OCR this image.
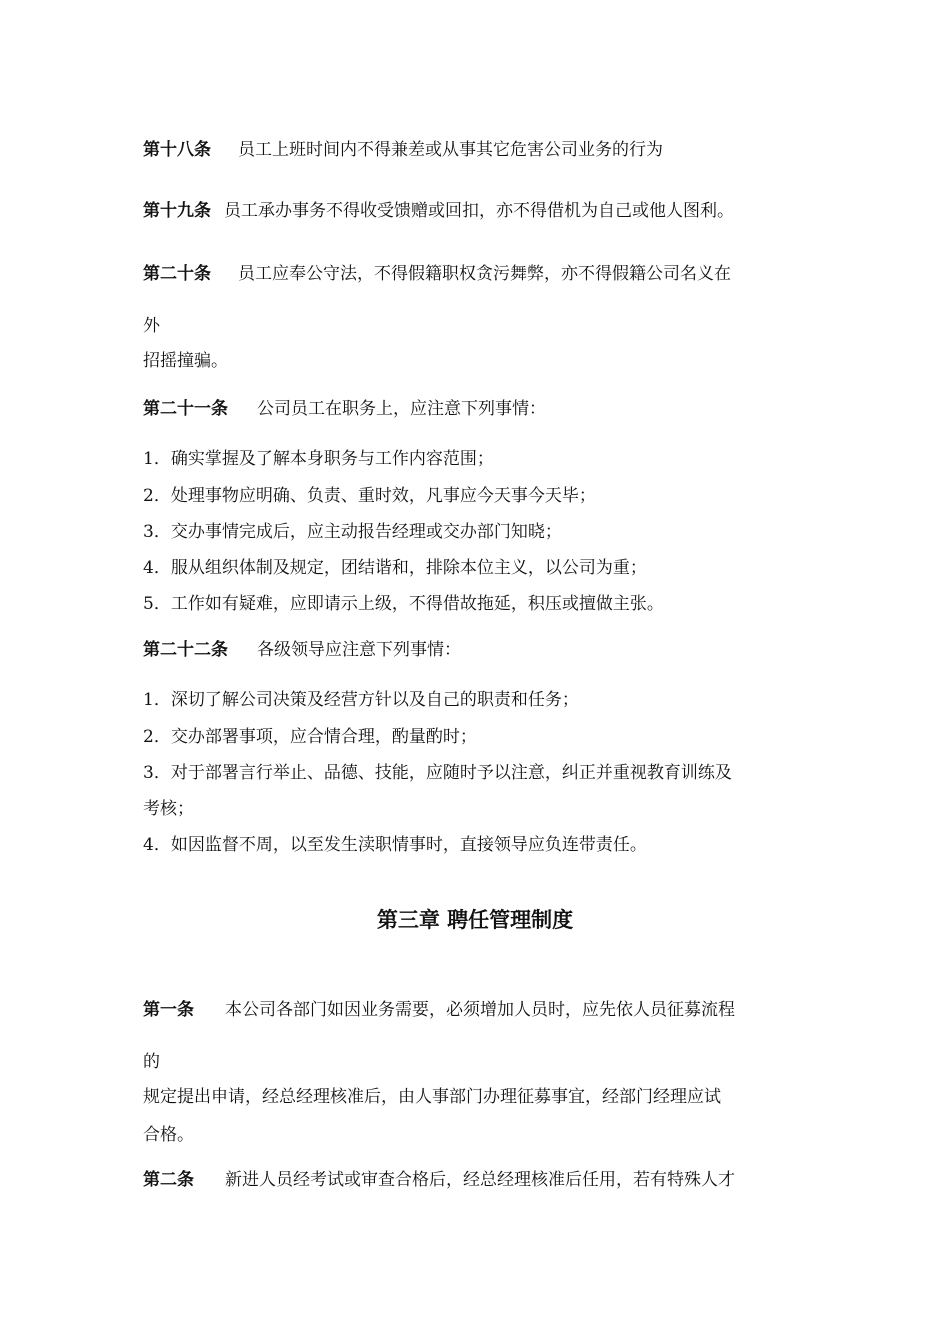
第十八条 员工上班时间内不得兼差或从事其它危害公司业务的行为

第十九条 员工承办事务不得收受馈赠或回扣，亦不得借机为自己或他人图利。

第二十条 员工应奉公守法，不得假籍职权贪污舞弊，亦不得假籍公司名义在

外

招摇撞骗。

第二十一条 公司员工在职务上，应注意下列事情：

1．确实掌握及了解本身职务与工作内容范围；

2．处理事物应明确、负责、重时效，凡事应今天事今天毕；

3．交办事情完成后，应主动报告经理或交办部门知晓；

4．服从组织体制及规定，团结谐和，排除本位主义，以公司为重；

5．工作如有疑难，应即请示上级，不得借故拖延，积压或擅做主张。

第二十二条 各级领导应注意下列事情：

1．深切了解公司决策及经营方针以及自己的职责和任务；

2．交办部署事项，应合情合理，酌量酌时；

3．对于部署言行举止、品德、技能，应随时予以注意，纠正并重视教育训练及

考核；

4．如因监督不周，以至发生渎职情事时，直接领导应负连带责任。

第三章 聘任管理制度

第一条 本公司各部门如因业务需要，必须增加人员时，应先依人员征募流程

的

规定提出申请，经总经理核准后，由人事部门办理征募事宜，经部门经理应试

合格。

第二条 新进人员经考试或审查合格后，经总经理核准后任用，若有特殊人才
